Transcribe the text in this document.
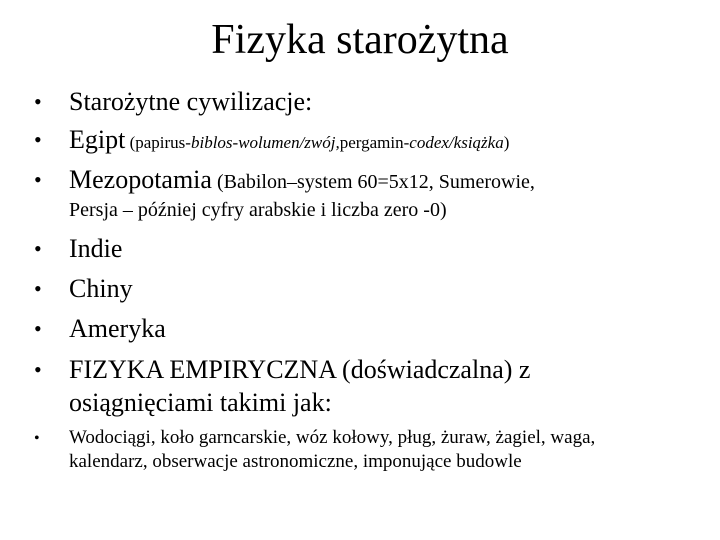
Fizyka starożytna
•	Starożytne cywilizacje:
•	Egipt (papirus-biblos-wolumen/zwój,pergamin-codex/książka)
•	Mezopotamia (Babilon–system 60=5x12, Sumerowie,
Persja – później cyfry arabskie i liczba zero -0)
•	Indie
•	Chiny
•	Ameryka
•	FIZYKA EMPIRYCZNA (doświadczalna) z
osiągnięciami takimi jak:
•	Wodociągi, koło garncarskie, wóz kołowy, pług, żuraw, żagiel, waga,
kalendarz, obserwacje astronomiczne, imponujące budowle
